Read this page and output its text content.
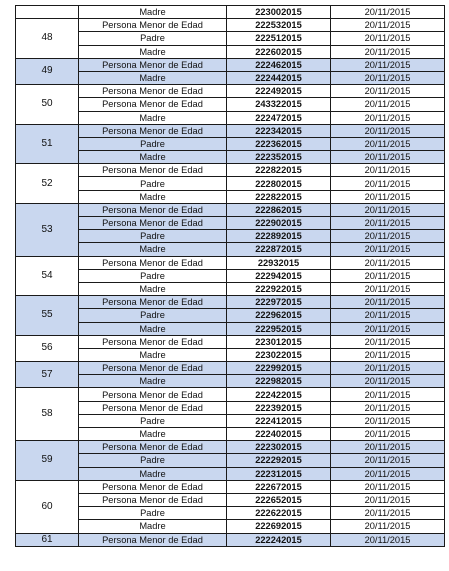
	Madre	223002015	20/11/2015
48	Persona Menor de Edad	222532015	20/11/2015
	Padre	222512015	20/11/2015
	Madre	222602015	20/11/2015
49	Persona Menor de Edad	222462015	20/11/2015
	Madre	222442015	20/11/2015
50	Persona Menor de Edad	222492015	20/11/2015
	Persona Menor de Edad	243322015	20/11/2015
	Madre	222472015	20/11/2015
51	Persona Menor de Edad	222342015	20/11/2015
	Padre	222362015	20/11/2015
	Madre	222352015	20/11/2015
52	Persona Menor de Edad	222822015	20/11/2015
	Padre	222802015	20/11/2015
	Madre	222822015	20/11/2015
53	Persona Menor de Edad	222862015	20/11/2015
	Persona Menor de Edad	222902015	20/11/2015
	Padre	222892015	20/11/2015
	Madre	222872015	20/11/2015
54	Persona Menor de Edad	22932015	20/11/2015
	Padre	222942015	20/11/2015
	Madre	222922015	20/11/2015
55	Persona Menor de Edad	222972015	20/11/2015
	Padre	222962015	20/11/2015
	Madre	222952015	20/11/2015
56	Persona Menor de Edad	223012015	20/11/2015
	Madre	223022015	20/11/2015
57	Persona Menor de Edad	222992015	20/11/2015
	Madre	222982015	20/11/2015
58	Persona Menor de Edad	222422015	20/11/2015
	Persona Menor de Edad	222392015	20/11/2015
	Padre	222412015	20/11/2015
	Madre	222402015	20/11/2015
59	Persona Menor de Edad	222302015	20/11/2015
	Padre	222292015	20/11/2015
	Madre	222312015	20/11/2015
60	Persona Menor de Edad	222672015	20/11/2015
	Persona Menor de Edad	222652015	20/11/2015
	Padre	222622015	20/11/2015
	Madre	222692015	20/11/2015
61	Persona Menor de Edad	222242015	20/11/2015
